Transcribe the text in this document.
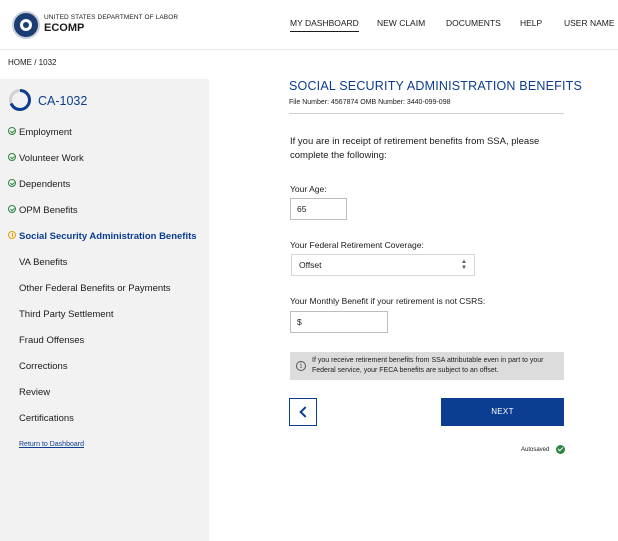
UNITED STATES DEPARTMENT OF LABOR
ECOMP	MY DASHBOARD NEW CLAIM DOCUMENTS HELP	USER NAME
HOME / 1032
CA-1032
Employment
Volunteer Work
Dependents
OPM Benefits
Social Security Administration Benefits
VA Benefits
Other Federal Benefits or Payments
Third Party Settlement
Fraud Offenses
Corrections
Review
Certifications
Return to Dashboard
SOCIAL SECURITY ADMINISTRATION BENEFITS
File Number: 4567874 OMB Number: 3440-099-098
If you are in receipt of retirement benefits from SSA, please complete the following:
Your Age:
65
Your Federal Retirement Coverage:
Offset	▲
▼
Your Monthly Benefit if your retirement is not CSRS:
$
i
If you receive retirement benefits from SSA attributable even in part to your Federal service, your FECA benefits are subject to an offset.
NEXT
Autosaved
